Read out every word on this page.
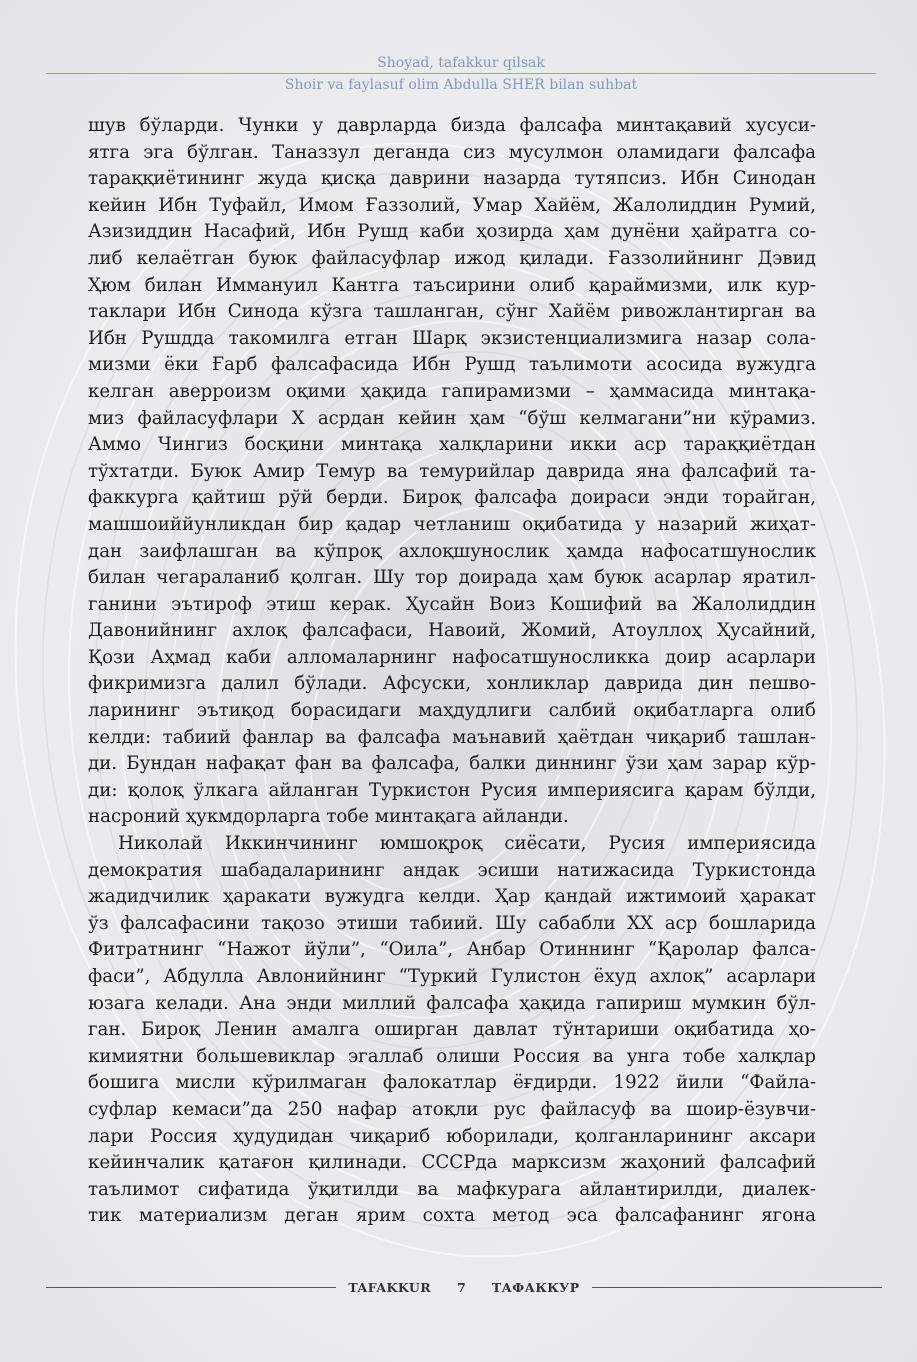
Shoyad, tafakkur qilsak
Shoir va faylasuf olim Abdulla SHER bilan suhbat
шув бўларди. Чунки у даврларда бизда фалсафа минтақавий хусуси-
ятга эга бўлган. Таназзул деганда сиз мусулмон оламидаги фалсафа
тараққиётининг жуда қисқа даврини назарда тутяпсиз. Ибн Синодан
кейин Ибн Туфайл, Имом Ғаззолий, Умар Хайём, Жалолиддин Румий,
Азизиддин Насафий, Ибн Рушд каби ҳозирда ҳам дунёни ҳайратга со-
либ келаётган буюк файласуфлар ижод қилади. Ғаззолийнинг Дэвид
Ҳюм билан Иммануил Кантга таъсирини олиб қараймизми, илк кур-
таклари Ибн Синода кўзга ташланган, сўнг Хайём ривожлантирган ва
Ибн Рушдда такомилга етган Шарқ экзистенциализмига назар сола-
мизми ёки Ғарб фалсафасида Ибн Рушд таълимоти асосида вужудга
келган аверроизм оқими ҳақида гапирамизми – ҳаммасида минтақа-
миз файласуфлари X асрдан кейин ҳам “бўш келмагани”ни кўрамиз.
Аммо Чингиз босқини минтақа халқларини икки аср тараққиётдан
тўхтатди. Буюк Амир Темур ва темурийлар даврида яна фалсафий та-
факкурга қайтиш рўй берди. Бироқ фалсафа доираси энди торайган,
машшоиййунликдан бир қадар четланиш оқибатида у назарий жиҳат-
дан заифлашган ва кўпроқ ахлоқшунослик ҳамда нафосатшунослик
билан чегараланиб қолган. Шу тор доирада ҳам буюк асарлар яратил-
ганини эътироф этиш керак. Ҳусайн Воиз Кошифий ва Жалолиддин
Давонийнинг ахлоқ фалсафаси, Навоий, Жомий, Атоуллоҳ Ҳусайний,
Қози Аҳмад каби алломаларнинг нафосатшуносликка доир асарлари
фикримизга далил бўлади. Афсуски, хонликлар даврида дин пешво-
ларининг эътиқод борасидаги маҳдудлиги салбий оқибатларга олиб
келди: табиий фанлар ва фалсафа маънавий ҳаётдан чиқариб ташлан-
ди. Бундан нафақат фан ва фалсафа, балки диннинг ўзи ҳам зарар кўр-
ди: қолоқ ўлкага айланган Туркистон Русия империясига қарам бўлди,
насроний ҳукмдорларга тобе минтақага айланди.
Николай Иккинчининг юмшоқроқ сиёсати, Русия империясида
демократия шабадаларининг андак эсиши натижасида Туркистонда
жадидчилик ҳаракати вужудга келди. Ҳар қандай ижтимоий ҳаракат
ўз фалсафасини тақозо этиши табиий. Шу сабабли XX аср бошларида
Фитратнинг “Нажот йўли”, “Оила”, Анбар Отиннинг “Қаролар фалса-
фаси”, Абдулла Авлонийнинг “Туркий Гулистон ёхуд ахлоқ” асарлари
юзага келади. Ана энди миллий фалсафа ҳақида гапириш мумкин бўл-
ган. Бироқ Ленин амалга оширган давлат тўнтариши оқибатида ҳо-
кимиятни большевиклар эгаллаб олиши Россия ва унга тобе халқлар
бошига мисли кўрилмаган фалокатлар ёғдирди. 1922 йили “Файла-
суфлар кемаси”да 250 нафар атоқли рус файласуф ва шоир-ёзувчи-
лари Россия ҳудудидан чиқариб юборилади, қолганларининг аксари
кейинчалик қатағон қилинади. СССРда марксизм жаҳоний фалсафий
таълимот сифатида ўқитилди ва мафкурага айлантирилди, диалек-
тик материализм деган ярим сохта метод эса фалсафанинг ягона
TAFAKKUR	7	ТАФАККУР
